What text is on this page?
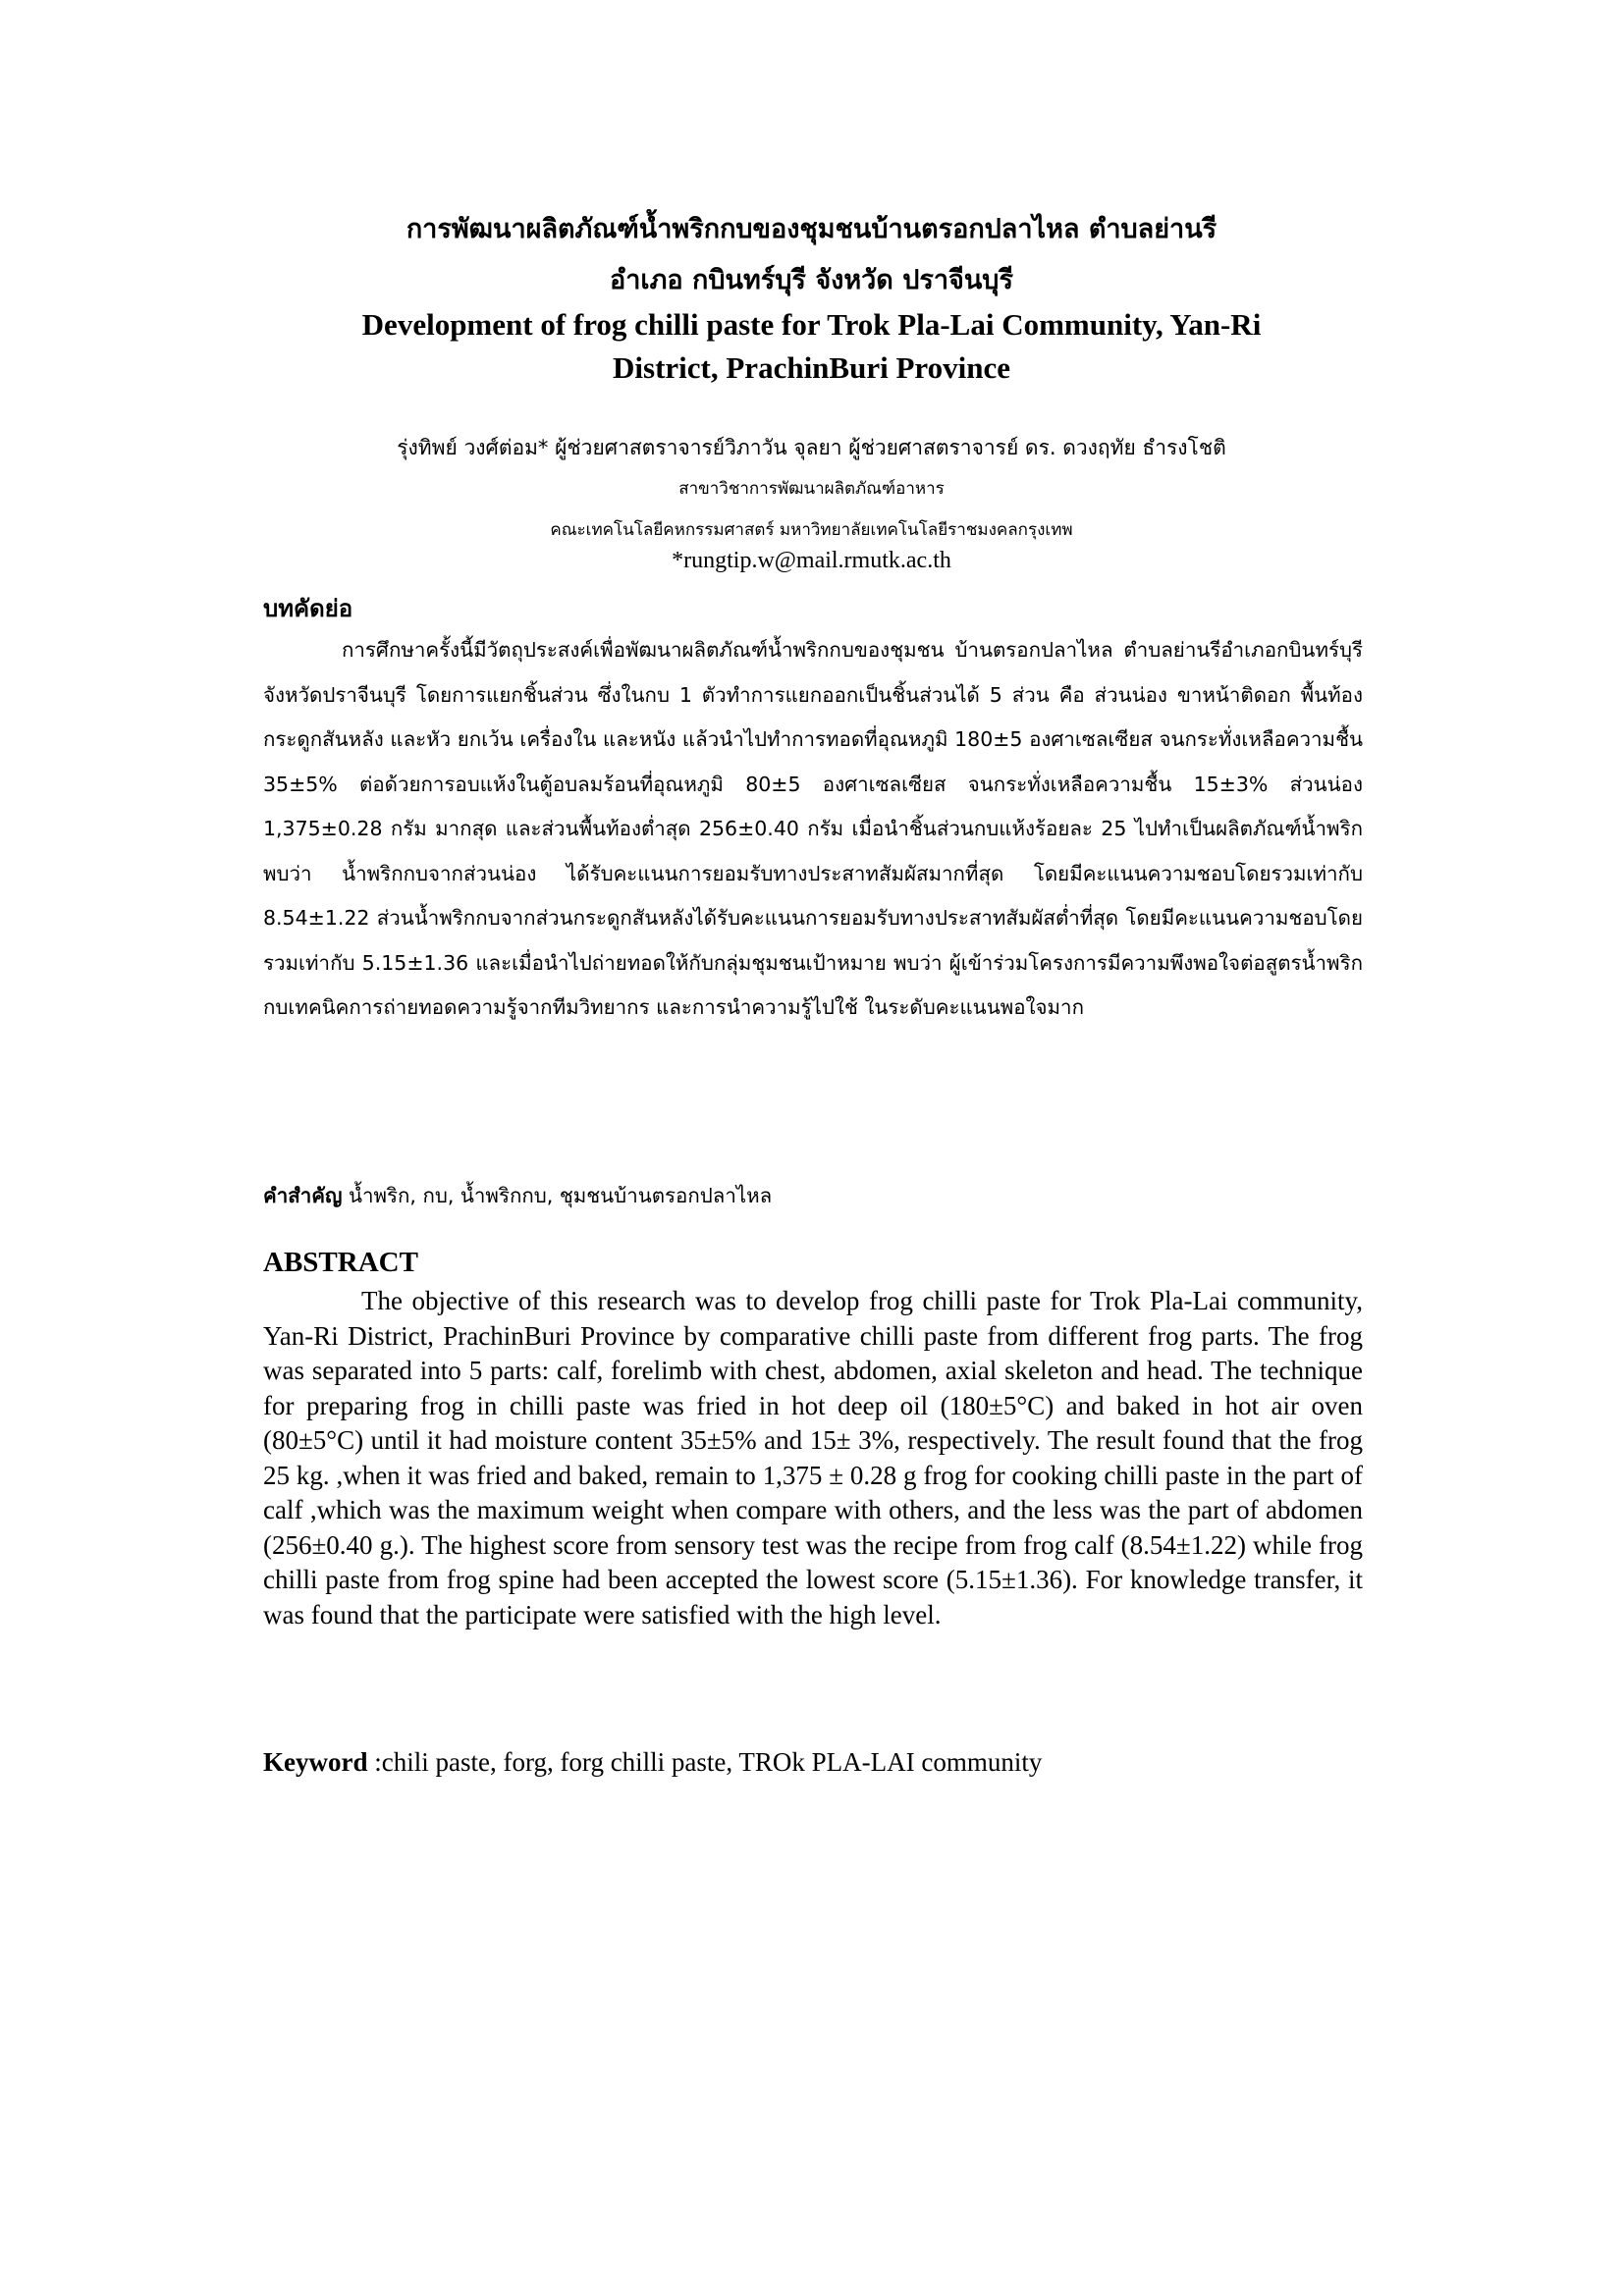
การพัฒนาผลิตภัณฑ์น้ำพริกกบของชุมชนบ้านตรอกปลาไหล ตำบลย่านรี
อำเภอ กบินทร์บุรี จังหวัด ปราจีนบุรี
Development of frog chilli paste for Trok Pla-Lai Community, Yan-Ri
District, PrachinBuri Province
รุ่งทิพย์ วงศ์ต่อม* ผู้ช่วยศาสตราจารย์วิภาวัน จุลยา ผู้ช่วยศาสตราจารย์ ดร. ดวงฤทัย ธำรงโชติ
สาขาวิชาการพัฒนาผลิตภัณฑ์อาหาร
คณะเทคโนโลยีคหกรรมศาสตร์ มหาวิทยาลัยเทคโนโลยีราชมงคลกรุงเทพ
*rungtip.w@mail.rmutk.ac.th
บทคัดย่อ

การศึกษาครั้งนี้มีวัตถุประสงค์เพื่อพัฒนาผลิตภัณฑ์น้ำพริกกบของชุมชน บ้านตรอกปลาไหล ตำบลย่านรีอำเภอกบินทร์บุรี จังหวัดปราจีนบุรี โดยการแยกชิ้นส่วน ซึ่งในกบ 1 ตัวทำการแยกออกเป็นชิ้นส่วนได้ 5 ส่วน คือ ส่วนน่อง ขาหน้าติดอก พื้นท้อง กระดูกสันหลัง และหัว ยกเว้น เครื่องใน และหนัง แล้วนำไปทำการทอดที่อุณหภูมิ 180±5 องศาเซลเซียส จนกระทั่งเหลือความชื้น 35±5% ต่อด้วยการอบแห้งในตู้อบลมร้อนที่อุณหภูมิ 80±5 องศาเซลเซียส จนกระทั่งเหลือความชื้น 15±3% ส่วนน่อง 1,375±0.28 กรัม มากสุด และส่วนพื้นท้องต่ำสุด 256±0.40 กรัม เมื่อนำชิ้นส่วนกบแห้งร้อยละ 25 ไปทำเป็นผลิตภัณฑ์น้ำพริก พบว่า น้ำพริกกบจากส่วนน่อง ได้รับคะแนนการยอมรับทางประสาทสัมผัสมากที่สุด โดยมีคะแนนความชอบโดยรวมเท่ากับ 8.54±1.22 ส่วนน้ำพริกกบจากส่วนกระดูกสันหลังได้รับคะแนนการยอมรับทางประสาทสัมผัสต่ำที่สุด โดยมีคะแนนความชอบโดยรวมเท่ากับ 5.15±1.36 และเมื่อนำไปถ่ายทอดให้กับกลุ่มชุมชนเป้าหมาย พบว่า ผู้เข้าร่วมโครงการมีความพึงพอใจต่อสูตรน้ำพริกกบเทคนิคการถ่ายทอดความรู้จากทีมวิทยากร และการนำความรู้ไปใช้ ในระดับคะแนนพอใจมาก

คำสำคัญ น้ำพริก, กบ, น้ำพริกกบ, ชุมชนบ้านตรอกปลาไหล
ABSTRACT

The objective of this research was to develop frog chilli paste for Trok Pla-Lai community, Yan-Ri District, PrachinBuri Province by comparative chilli paste from different frog parts. The frog was separated into 5 parts: calf, forelimb with chest, abdomen, axial skeleton and head. The technique for preparing frog in chilli paste was fried in hot deep oil (180±5°C) and baked in hot air oven (80±5°C) until it had moisture content 35±5% and 15± 3%, respectively. The result found that the frog 25 kg. ,when it was fried and baked, remain to 1,375 ± 0.28 g frog for cooking chilli paste in the part of calf ,which was the maximum weight when compare with others, and the less was the part of abdomen (256±0.40 g.). The highest score from sensory test was the recipe from frog calf (8.54±1.22) while frog chilli paste from frog spine had been accepted the lowest score (5.15±1.36). For knowledge transfer, it was found that the participate were satisfied with the high level.

Keyword :chili paste, forg, forg chilli paste, TROk PLA-LAI community
